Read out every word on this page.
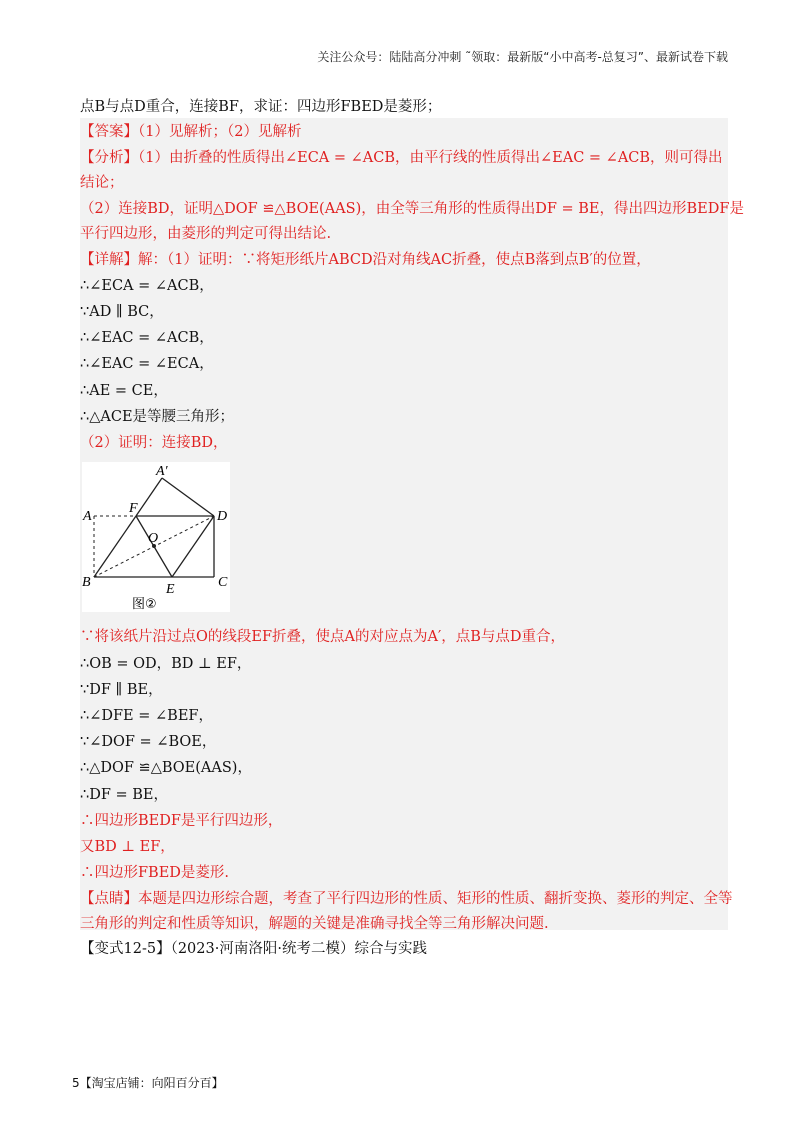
关注公众号：陆陆高分冲刺 ˜领取：最新版“小中高考-总复习”、最新试卷下载
点B与点D重合，连接BF，求证：四边形FBED是菱形；
【答案】（1）见解析；（2）见解析
【分析】（1）由折叠的性质得出∠ECA = ∠ACB，由平行线的性质得出∠EAC = ∠ACB，则可得出
结论；
（2）连接BD，证明△DOF ≌△BOE(AAS)，由全等三角形的性质得出DF = BE，得出四边形BEDF是
平行四边形，由菱形的判定可得出结论.
【详解】解：（1）证明：∵将矩形纸片ABCD沿对角线AC折叠，使点B落到点B′的位置，
∴∠ECA = ∠ACB，
∵AD ∥ BC，
∴∠EAC = ∠ACB，
∴∠EAC = ∠ECA，
∴AE = CE，
∴△ACE是等腰三角形；
（2）证明：连接BD，
A
A′
F
D
O
B	E	C
图②
∵将该纸片沿过点O的线段EF折叠，使点A的对应点为A′，点B与点D重合，
∴OB = OD，BD ⊥ EF，
∵DF ∥ BE，
∴∠DFE = ∠BEF，
∵∠DOF = ∠BOE，
∴△DOF ≌△BOE(AAS)，
∴DF = BE，
∴四边形BEDF是平行四边形，
又BD ⊥ EF，
∴四边形FBED是菱形.
【点睛】本题是四边形综合题，考查了平行四边形的性质、矩形的性质、翻折变换、菱形的判定、全等
三角形的判定和性质等知识，解题的关键是准确寻找全等三角形解决问题.
【变式12-5】（2023·河南洛阳·统考二模）综合与实践
5【淘宝店铺：向阳百分百】
